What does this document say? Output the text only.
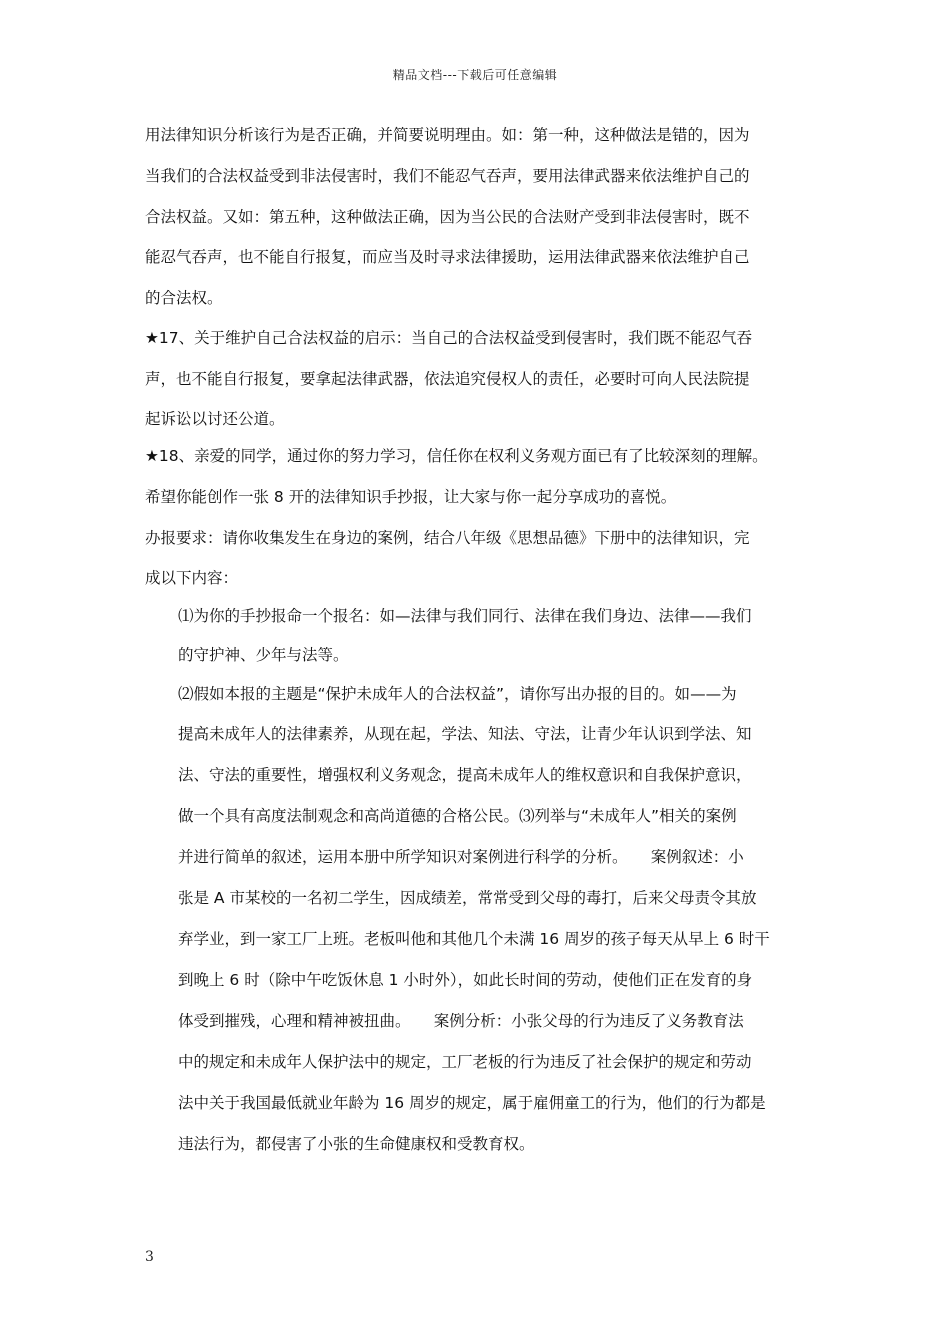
精品文档---下载后可任意编辑
用法律知识分析该行为是否正确，并简要说明理由。如：第一种，这种做法是错的，因为
当我们的合法权益受到非法侵害时，我们不能忍气吞声，要用法律武器来依法维护自己的
合法权益。又如：第五种，这种做法正确，因为当公民的合法财产受到非法侵害时，既不
能忍气吞声，也不能自行报复，而应当及时寻求法律援助，运用法律武器来依法维护自己
的合法权。
★17、关于维护自己合法权益的启示：当自己的合法权益受到侵害时，我们既不能忍气吞
声，也不能自行报复，要拿起法律武器，依法追究侵权人的责任，必要时可向人民法院提
起诉讼以讨还公道。
★18、亲爱的同学，通过你的努力学习，信任你在权利义务观方面已有了比较深刻的理解。
希望你能创作一张 8 开的法律知识手抄报，让大家与你一起分享成功的喜悦。
办报要求：请你收集发生在身边的案例，结合八年级《思想品德》下册中的法律知识，完
成以下内容：
⑴为你的手抄报命一个报名：如—法律与我们同行、法律在我们身边、法律——我们
的守护神、少年与法等。
⑵假如本报的主题是“保护未成年人的合法权益”，请你写出办报的目的。如——为
提高未成年人的法律素养，从现在起，学法、知法、守法，让青少年认识到学法、知
法、守法的重要性，增强权利义务观念，提高未成年人的维权意识和自我保护意识，
做一个具有高度法制观念和高尚道德的合格公民。⑶列举与“未成年人”相关的案例
并进行简单的叙述，运用本册中所学知识对案例进行科学的分析。　　案例叙述：小
张是 A 市某校的一名初二学生，因成绩差，常常受到父母的毒打，后来父母责令其放
弃学业，到一家工厂上班。老板叫他和其他几个未满 16 周岁的孩子每天从早上 6 时干
到晚上 6 时（除中午吃饭休息 1 小时外），如此长时间的劳动，使他们正在发育的身
体受到摧残，心理和精神被扭曲。　　案例分析：小张父母的行为违反了义务教育法
中的规定和未成年人保护法中的规定，工厂老板的行为违反了社会保护的规定和劳动
法中关于我国最低就业年龄为 16 周岁的规定，属于雇佣童工的行为，他们的行为都是
违法行为，都侵害了小张的生命健康权和受教育权。
3
